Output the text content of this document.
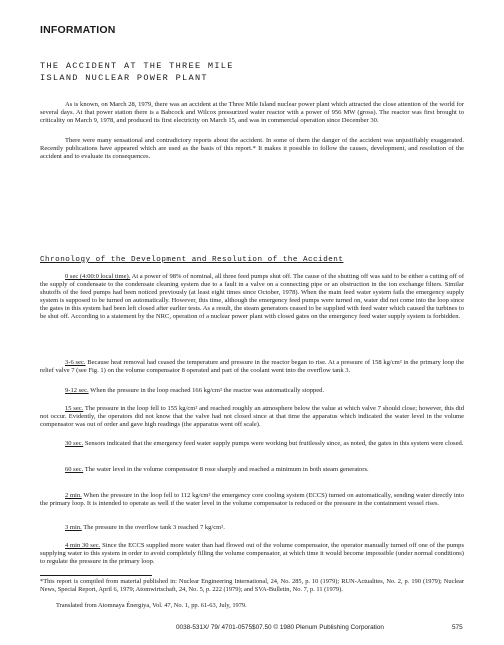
INFORMATION
THE ACCIDENT AT THE THREE MILE
ISLAND NUCLEAR POWER PLANT

As is known, on March 28, 1979, there was an accident at the Three Mile Island nuclear power plant which attracted the close attention of the world for several days. At that power station there is a Babcock and Wilcox pressurized water reactor with a power of 956 MW (gross). The reactor was first brought to criticality on March 9, 1978, and produced its first electricity on March 15, and was in commercial operation since December 30.

There were many sensational and contradictory reports about the accident. In some of them the danger of the accident was unjustifiably exaggerated. Recently publications have appeared which are used as the basis of this report.* It makes it possible to follow the causes, development, and resolution of the accident and to evaluate its consequences.

Chronology of the Development and Resolution of the Accident

0 sec (4:00:0 local time). At a power of 98% of nominal, all three feed pumps shut off. The cause of the shutting off was said to be either a cutting off of the supply of condensate to the condensate cleaning system due to a fault in a valve on a connecting pipe or an obstruction in the ion exchange filters. Similar shutoffs of the feed pumps had been noticed previously (at least eight times since October, 1978). When the main feed water system fails the emergency supply system is supposed to be turned on automatically. However, this time, although the emergency feed pumps were turned on, water did not come into the loop since the gates in this system had been left closed after earlier tests. As a result, the steam generators ceased to be supplied with feed water which caused the turbines to be shut off. According to a statement by the NRC, operation of a nuclear power plant with closed gates on the emergency feed water supply system is forbidden.

3-6 sec. Because heat removal had ceased the temperature and pressure in the reactor began to rise. At a pressure of 158 kg/cm² in the primary loop the relief valve 7 (see Fig. 1) on the volume compensator 8 operated and part of the coolant went into the overflow tank 3.

9-12 sec. When the pressure in the loop reached 166 kg/cm² the reactor was automatically stopped.

15 sec. The pressure in the loop fell to 155 kg/cm² and reached roughly an atmosphere below the value at which valve 7 should close; however, this did not occur. Evidently, the operators did not know that the valve had not closed since at that time the apparatus which indicated the water level in the volume compensator was out of order and gave high readings (the apparatus went off scale).

30 sec. Sensors indicated that the emergency feed water supply pumps were working but fruitlessly since, as noted, the gates in this system were closed.

60 sec. The water level in the volume compensator 8 rose sharply and reached a minimum in both steam generators.

2 min. When the pressure in the loop fell to 112 kg/cm² the emergency core cooling system (ECCS) turned on automatically, sending water directly into the primary loop. It is intended to operate as well if the water level in the volume compensator is reduced or the pressure in the containment vessel rises.

3 min. The pressure in the overflow tank 3 reached 7 kg/cm².

4 min 30 sec. Since the ECCS supplied more water than had flowed out of the volume compensator, the operator manually turned off one of the pumps supplying water to this system in order to avoid completely filling the volume compensator, at which time it would become impossible (under normal conditions) to regulate the pressure in the primary loop.

*This report is compiled from material published in: Nuclear Engineering International, 24, No. 285, p. 10 (1979); RUN-Actualites, No. 2, p. 190 (1979); Nuclear News, Special Report, April 6, 1979; Atomwirtschaft, 24, No. 5, p. 222 (1979); and SVA-Bulletin, No. 7, p. 11 (1979).
Translated from Atomnaya Énergiya, Vol. 47, No. 1, pp. 61-63, July, 1979.
0038-531X/ 79/ 4701-0575$07.50 © 1980 Plenum Publishing Corporation	575
